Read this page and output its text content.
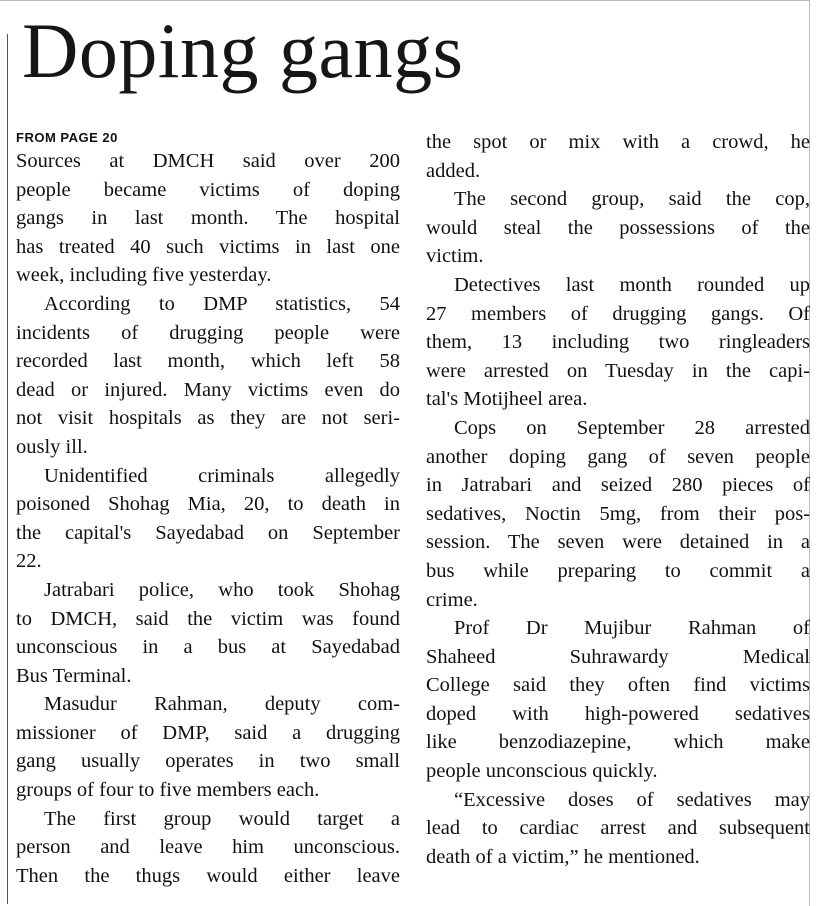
Doping gangs
FROM PAGE 20

Sources at DMCH said over 200
people became victims of doping
gangs in last month. The hospital
has treated 40 such victims in last one
week, including five yesterday.

According to DMP statistics, 54
incidents of drugging people were
recorded last month, which left 58
dead or injured. Many victims even do
not visit hospitals as they are not seri-
ously ill.

Unidentified criminals allegedly
poisoned Shohag Mia, 20, to death in
the capital's Sayedabad on September
22.

Jatrabari police, who took Shohag
to DMCH, said the victim was found
unconscious in a bus at Sayedabad
Bus Terminal.

Masudur Rahman, deputy com-
missioner of DMP, said a drugging
gang usually operates in two small
groups of four to five members each.

The first group would target a
person and leave him unconscious.
Then the thugs would either leave

the spot or mix with a crowd, he
added.

The second group, said the cop,
would steal the possessions of the
victim.

Detectives last month rounded up
27 members of drugging gangs. Of
them, 13 including two ringleaders
were arrested on Tuesday in the capi-
tal's Motijheel area.

Cops on September 28 arrested
another doping gang of seven people
in Jatrabari and seized 280 pieces of
sedatives, Noctin 5mg, from their pos-
session. The seven were detained in a
bus while preparing to commit a
crime.

Prof Dr Mujibur Rahman of
Shaheed Suhrawardy Medical
College said they often find victims
doped with high-powered sedatives
like benzodiazepine, which make
people unconscious quickly.

“Excessive doses of sedatives may
lead to cardiac arrest and subsequent
death of a victim,” he mentioned.
